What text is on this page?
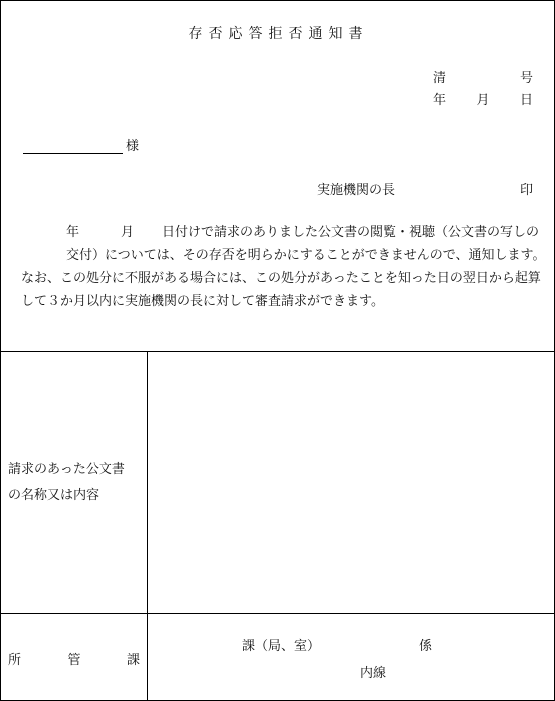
存否応答拒否通知書
清	号
年 月 日
様
実施機関の長	印

年	月 日付けで請求のありました公文書の閲覧・視聴（公文書の写しの交付）については、その存否を明らかにすることができませんので、通知します。

なお、この処分に不服がある場合には、この処分があったことを知った日の翌日から起算して３か月以内に実施機関の長に対して審査請求ができます。

請求のあった公文書
の名称又は内容
所	管	課
課（局、室）	係
内線
